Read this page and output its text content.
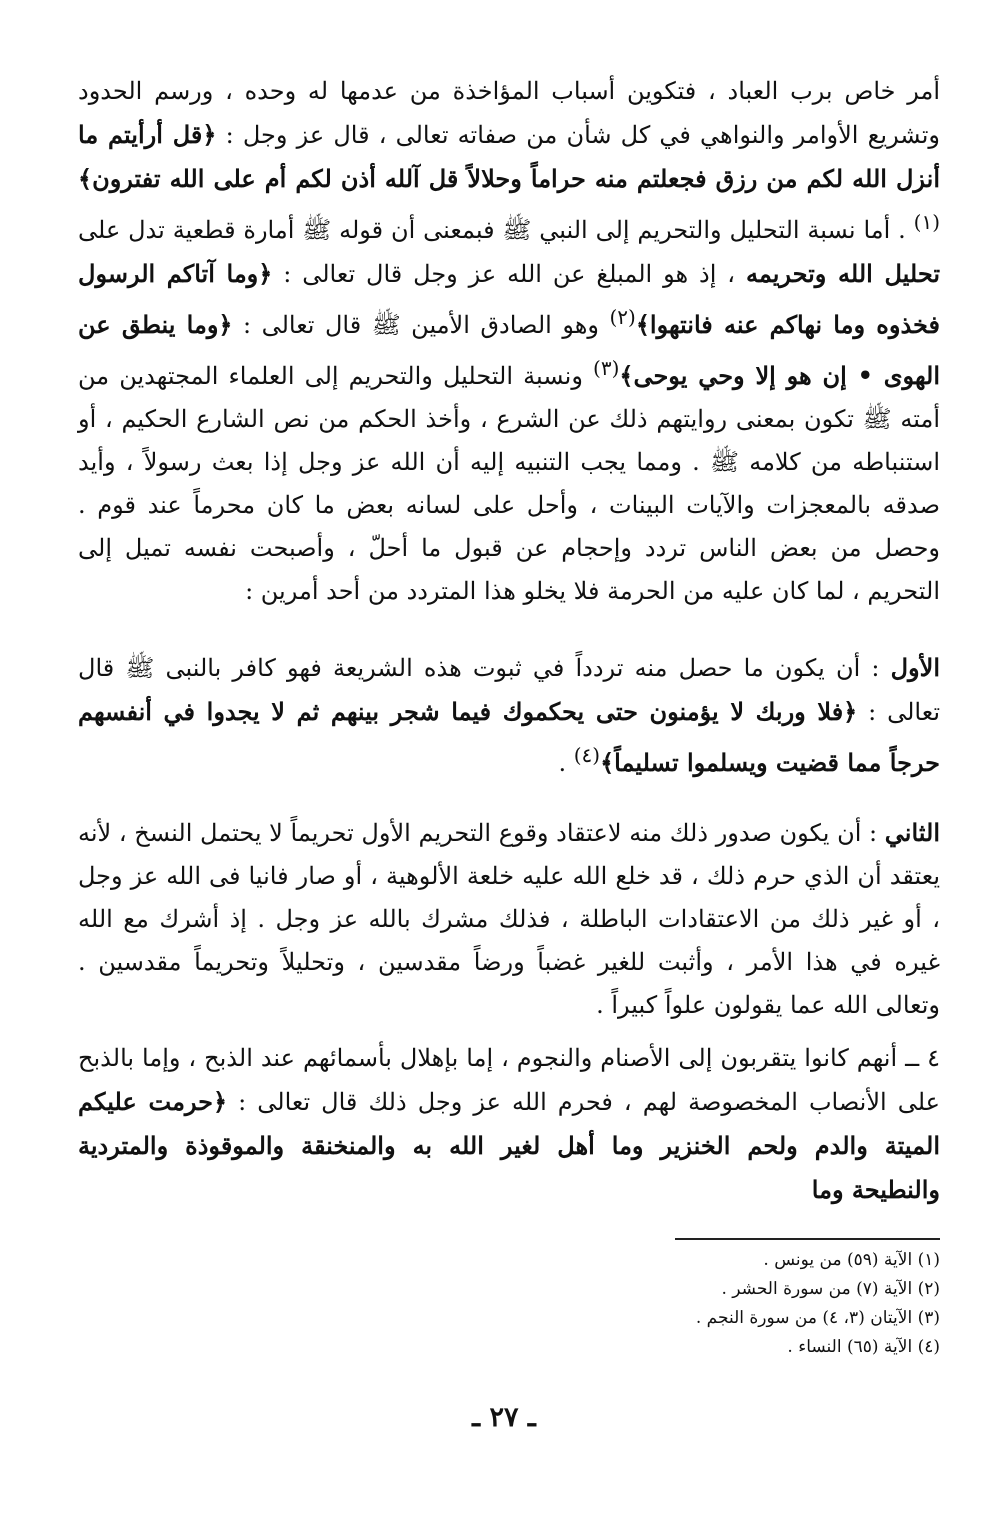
أمر خاص برب العباد ، فتكوين أسباب المؤاخذة من عدمها له وحده ، ورسم الحدود وتشريع الأوامر والنواهي في كل شأن من صفاته تعالى ، قال عز وجل : ﴿قل أرأيتم ما أنزل الله لكم من رزق فجعلتم منه حراماً وحلالاً قل آلله أذن لكم أم على الله تفترون﴾$^{(١)}$ . أما نسبة التحليل والتحريم إلى النبي ﷺ فبمعنى أن قوله ﷺ أمارة قطعية تدل على تحليل الله وتحريمه ، إذ هو المبلغ عن الله عز وجل قال تعالى : ﴿وما آتاكم الرسول فخذوه وما نهاكم عنه فانتهوا﴾$^{(٢)}$ وهو الصادق الأمين ﷺ قال تعالى : ﴿وما ينطق عن الهوى • إن هو إلا وحي يوحى﴾$^{(٣)}$ ونسبة التحليل والتحريم إلى العلماء المجتهدين من أمته ﷺ تكون بمعنى روايتهم ذلك عن الشرع ، وأخذ الحكم من نص الشارع الحكيم ، أو استنباطه من كلامه ﷺ . ومما يجب التنبيه إليه أن الله عز وجل إذا بعث رسولاً ، وأيد صدقه بالمعجزات والآيات البينات ، وأحل على لسانه بعض ما كان محرماً عند قوم . وحصل من بعض الناس تردد وإحجام عن قبول ما أحلّ ، وأصبحت نفسه تميل إلى التحريم ، لما كان عليه من الحرمة فلا يخلو هذا المتردد من أحد أمرين :

الأول : أن يكون ما حصل منه تردداً في ثبوت هذه الشريعة فهو كافر بالنبى ﷺ قال تعالى : ﴿فلا وربك لا يؤمنون حتى يحكموك فيما شجر بينهم ثم لا يجدوا في أنفسهم حرجاً مما قضيت ويسلموا تسليماً﴾$^{(٤)}$ .

الثاني : أن يكون صدور ذلك منه لاعتقاد وقوع التحريم الأول تحريماً لا يحتمل النسخ ، لأنه يعتقد أن الذي حرم ذلك ، قد خلع الله عليه خلعة الألوهية ، أو صار فانيا فى الله عز وجل ، أو غير ذلك من الاعتقادات الباطلة ، فذلك مشرك بالله عز وجل . إذ أشرك مع الله غيره في هذا الأمر ، وأثبت للغير غضباً ورضاً مقدسين ، وتحليلاً وتحريماً مقدسين . وتعالى الله عما يقولون علواً كبيراً .

٤ ــ أنهم كانوا يتقربون إلى الأصنام والنجوم ، إما بإهلال بأسمائهم عند الذبح ، وإما بالذبح على الأنصاب المخصوصة لهم ، فحرم الله عز وجل ذلك قال تعالى : ﴿حرمت عليكم الميتة والدم ولحم الخنزير وما أهل لغير الله به والمنخنقة والموقوذة والمتردية والنطيحة وما

(١) الآية (٥٩) من يونس .
(٢) الآية (٧) من سورة الحشر .
(٣) الآيتان (٣، ٤) من سورة النجم .
(٤) الآية (٦٥) النساء .
ـ ٢٧ ـ
